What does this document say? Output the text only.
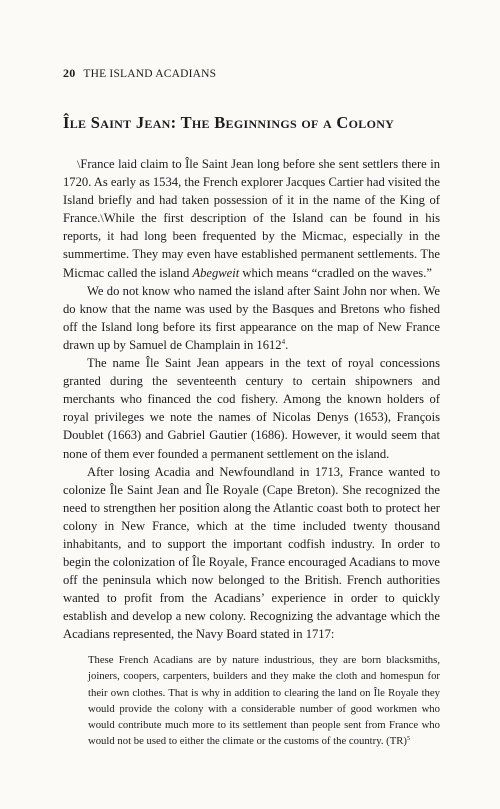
20 THE ISLAND ACADIANS
Île Saint Jean: The Beginnings of a Colony

\France laid claim to Île Saint Jean long before she sent settlers there in 1720. As early as 1534, the French explorer Jacques Cartier had visited the Island briefly and had taken possession of it in the name of the King of France.\While the first description of the Island can be found in his reports, it had long been frequented by the Micmac, especially in the summertime. They may even have established permanent settlements. The Micmac called the island Abegweit which means “cradled on the waves.”

We do not know who named the island after Saint John nor when. We do know that the name was used by the Basques and Bretons who fished off the Island long before its first appearance on the map of New France drawn up by Samuel de Champlain in 1612$^4$.

The name Île Saint Jean appears in the text of royal concessions granted during the seventeenth century to certain shipowners and merchants who financed the cod fishery. Among the known holders of royal privileges we note the names of Nicolas Denys (1653), François Doublet (1663) and Gabriel Gautier (1686). However, it would seem that none of them ever founded a permanent settlement on the island.

After losing Acadia and Newfoundland in 1713, France wanted to colonize Île Saint Jean and Île Royale (Cape Breton). She recognized the need to strengthen her position along the Atlantic coast both to protect her colony in New France, which at the time included twenty thousand inhabitants, and to support the important codfish industry. In order to begin the colonization of Île Royale, France encouraged Acadians to move off the peninsula which now belonged to the British. French authorities wanted to profit from the Acadians’ experience in order to quickly establish and develop a new colony. Recognizing the advantage which the Acadians represented, the Navy Board stated in 1717:

These French Acadians are by nature industrious, they are born blacksmiths, joiners, coopers, carpenters, builders and they make the cloth and homespun for their own clothes. That is why in addition to clearing the land on Île Royale they would provide the colony with a considerable number of good workmen who would contribute much more to its settlement than people sent from France who would not be used to either the climate or the customs of the country. (TR)$^5$
